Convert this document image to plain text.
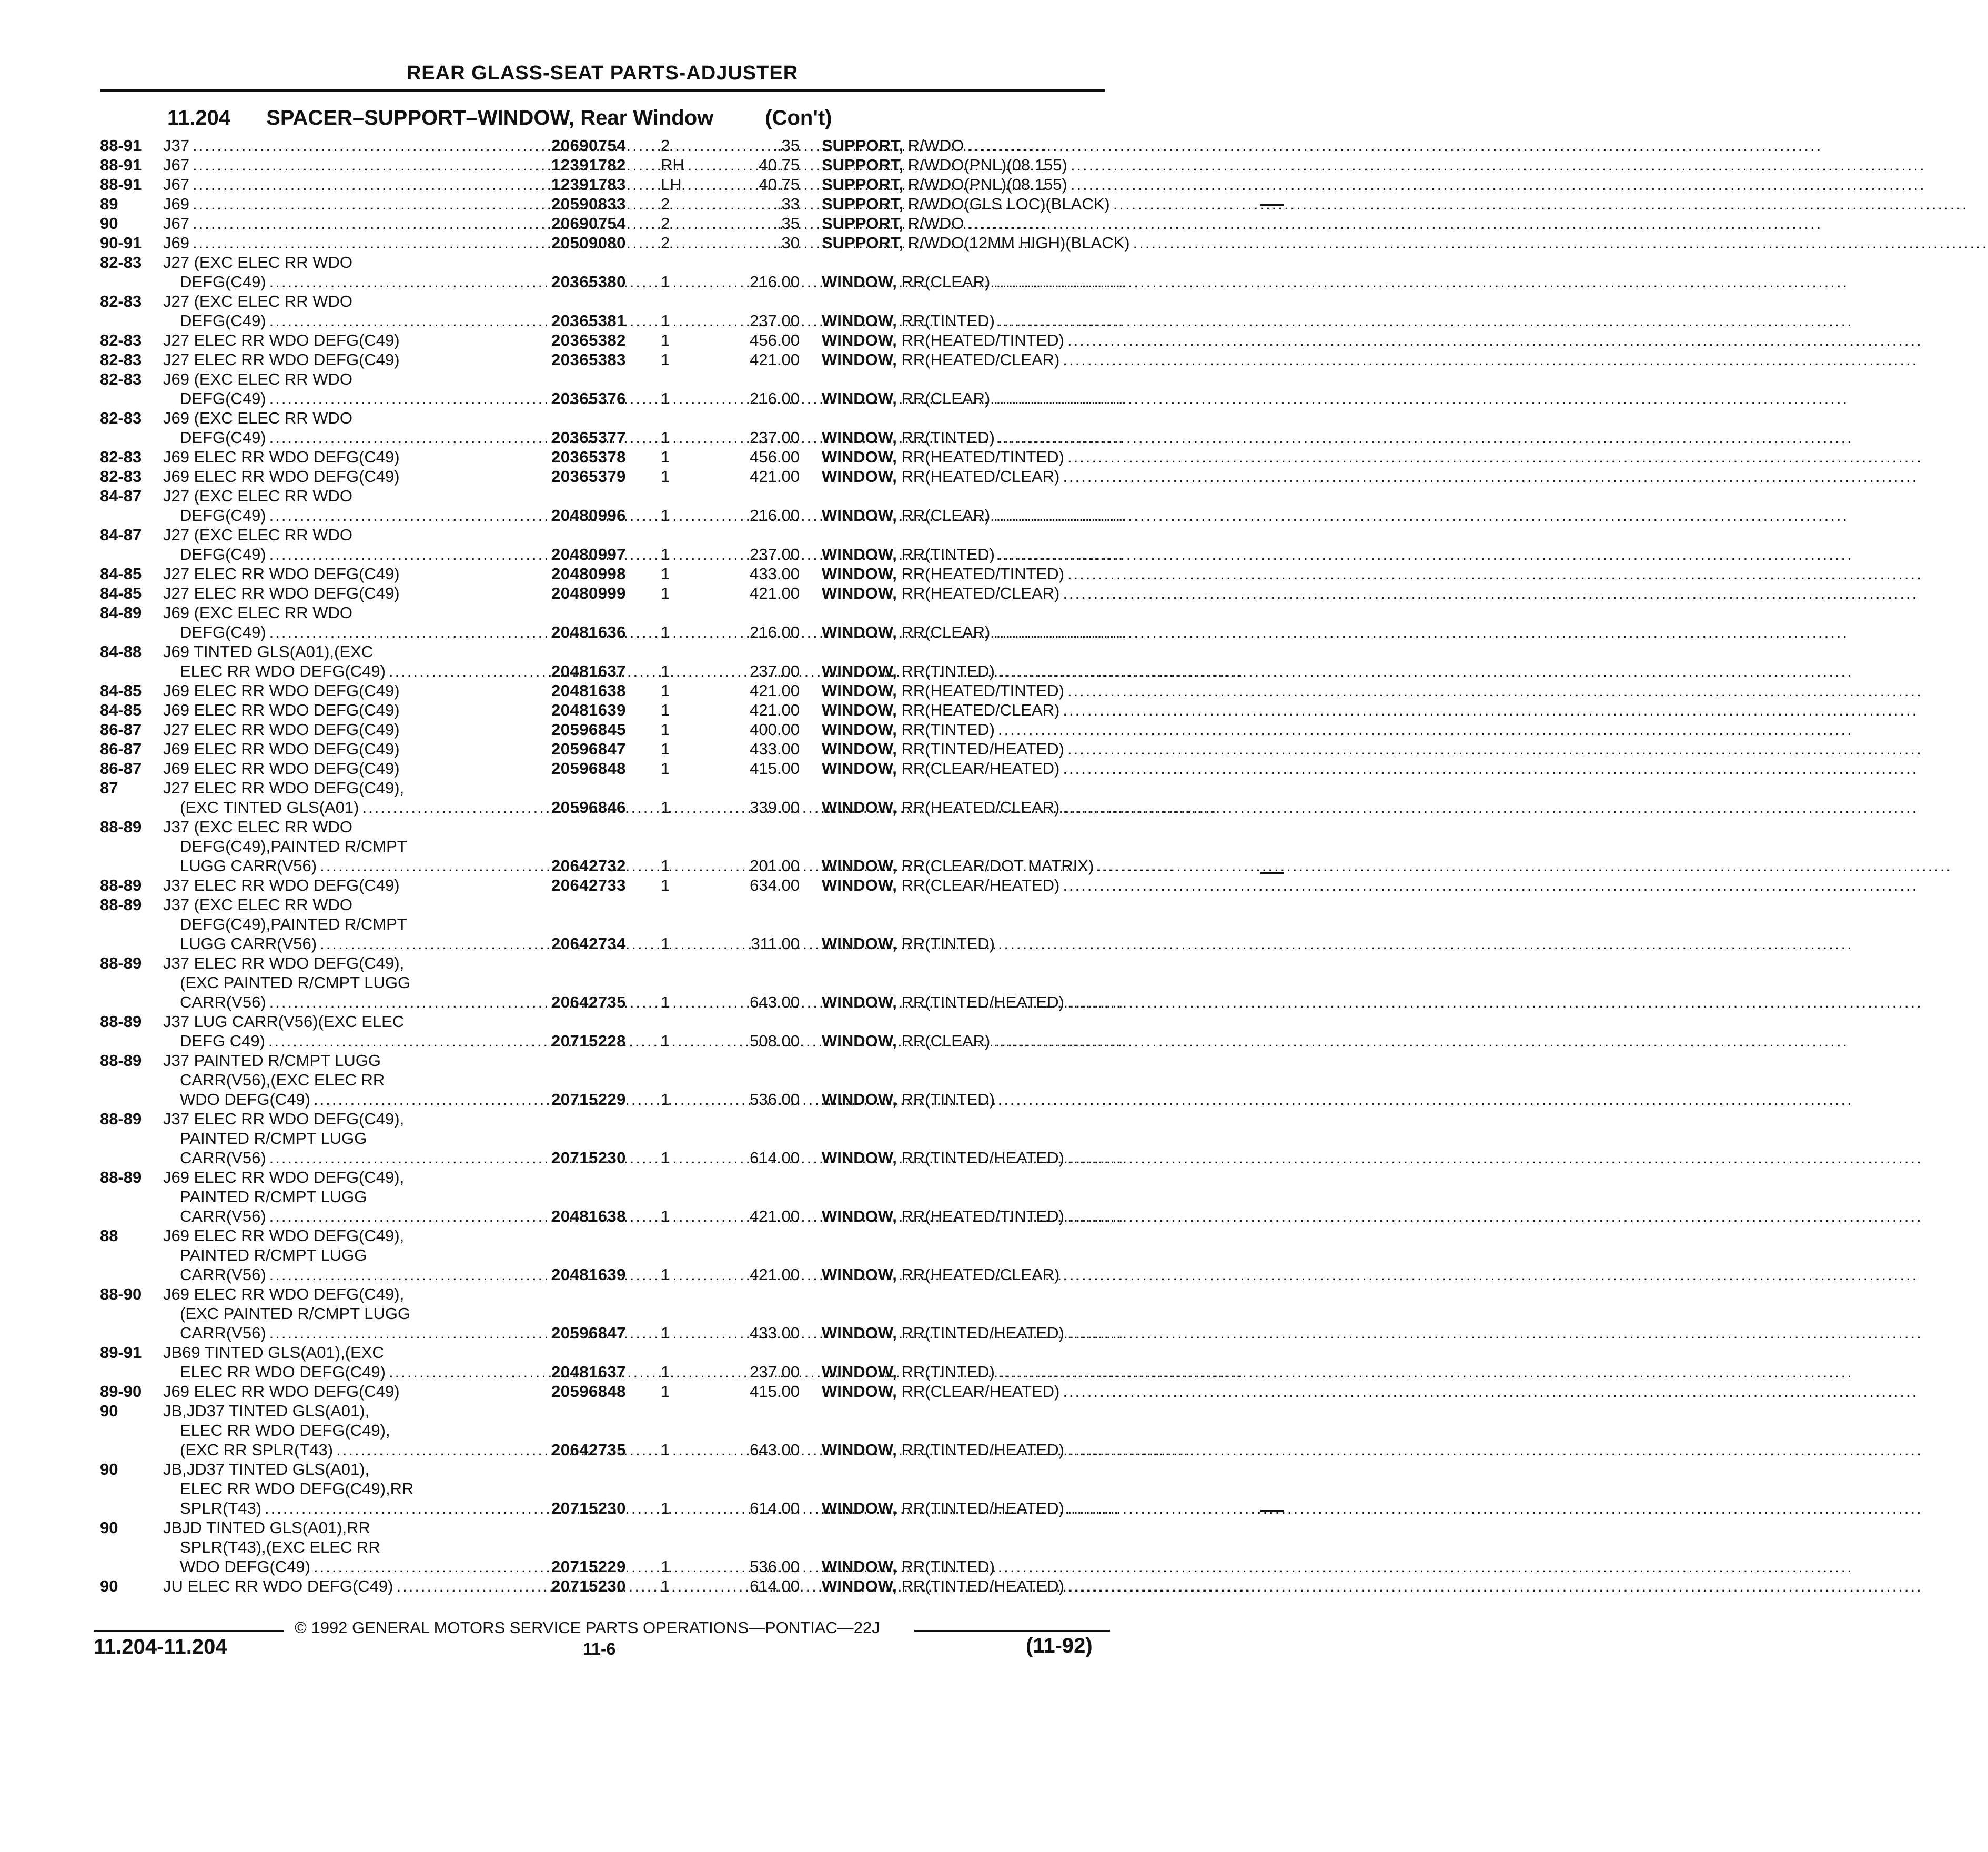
REAR GLASS-SEAT PARTS-ADJUSTER
11.204 SPACER–SUPPORT–WINDOW, Rear Window (Con't)
88-91	J37 .....	20690754	2	.35 SUPPORT, R/WDO
.....
88-91	J67 .....	12391782	RH	40.75 SUPPORT, R/WDO(PNL)(08.155)
.....
88-91	J67 .....	12391783	LH	40.75 SUPPORT, R/WDO(PNL)(08.155)
.....
89	J69 .....	20590833	2	.33 SUPPORT, R/WDO(GLS LOC)(BLACK)
.....
90	J67 .....	20690754	2	.35 SUPPORT, R/WDO
.....
90-91	J69 .....	20509080	2	.30 SUPPORT, R/WDO(12MM HIGH)(BLACK)
.....
82-83	J27 (EXC ELEC RR WDO
DEFG(C49) .....	20365380	1	216.00 WINDOW, RR(CLEAR)
.....
82-83	J27 (EXC ELEC RR WDO
DEFG(C49) .....	20365381	1	237.00 WINDOW, RR(TINTED)
.....
82-83	J27 ELEC RR WDO DEFG(C49)	20365382	1	456.00 WINDOW, RR(HEATED/TINTED)
.....
82-83	J27 ELEC RR WDO DEFG(C49)	20365383	1	421.00 WINDOW, RR(HEATED/CLEAR)
.....
82-83	J69 (EXC ELEC RR WDO
DEFG(C49) .....	20365376	1	216.00 WINDOW, RR(CLEAR)
.....
82-83	J69 (EXC ELEC RR WDO
DEFG(C49) .....	20365377	1	237.00 WINDOW, RR(TINTED)
.....
82-83	J69 ELEC RR WDO DEFG(C49)	20365378	1	456.00 WINDOW, RR(HEATED/TINTED)
.....
82-83	J69 ELEC RR WDO DEFG(C49)	20365379	1	421.00 WINDOW, RR(HEATED/CLEAR)
.....
84-87	J27 (EXC ELEC RR WDO
DEFG(C49) .....	20480996	1	216.00 WINDOW, RR(CLEAR)
.....
84-87	J27 (EXC ELEC RR WDO
DEFG(C49) .....	20480997	1	237.00 WINDOW, RR(TINTED)
.....
84-85	J27 ELEC RR WDO DEFG(C49)	20480998	1	433.00 WINDOW, RR(HEATED/TINTED)
.....
84-85	J27 ELEC RR WDO DEFG(C49)	20480999	1	421.00 WINDOW, RR(HEATED/CLEAR)
.....
84-89	J69 (EXC ELEC RR WDO
DEFG(C49) .....	20481636	1	216.00 WINDOW, RR(CLEAR)
.....
84-88	J69 TINTED GLS(A01),(EXC
ELEC RR WDO DEFG(C49) .....	20481637	1	237.00 WINDOW, RR(TINTED)
.....
84-85	J69 ELEC RR WDO DEFG(C49)	20481638	1	421.00 WINDOW, RR(HEATED/TINTED)
.....
84-85	J69 ELEC RR WDO DEFG(C49)	20481639	1	421.00 WINDOW, RR(HEATED/CLEAR)
.....
86-87	J27 ELEC RR WDO DEFG(C49)	20596845	1	400.00 WINDOW, RR(TINTED)
.....
86-87	J69 ELEC RR WDO DEFG(C49)	20596847	1	433.00 WINDOW, RR(TINTED/HEATED)
.....
86-87	J69 ELEC RR WDO DEFG(C49)	20596848	1	415.00 WINDOW, RR(CLEAR/HEATED)
.....
87	J27 ELEC RR WDO DEFG(C49),
(EXC TINTED GLS(A01) .....	20596846	1	339.00 WINDOW, RR(HEATED/CLEAR)
.....
88-89	J37 (EXC ELEC RR WDO
DEFG(C49),PAINTED R/CMPT
LUGG CARR(V56) .....	20642732	1	201.00 WINDOW, RR(CLEAR/DOT MATRIX)
.....
88-89	J37 ELEC RR WDO DEFG(C49)	20642733	1	634.00 WINDOW, RR(CLEAR/HEATED)
.....
88-89	J37 (EXC ELEC RR WDO
DEFG(C49),PAINTED R/CMPT
LUGG CARR(V56) .....	20642734	1	311.00 WINDOW, RR(TINTED)
.....
88-89	J37 ELEC RR WDO DEFG(C49),
(EXC PAINTED R/CMPT LUGG
CARR(V56) .....	20642735	1	643.00 WINDOW, RR(TINTED/HEATED)
.....
88-89	J37 LUG CARR(V56)(EXC ELEC
DEFG C49) .....	20715228	1	508.00 WINDOW, RR(CLEAR)
.....
88-89	J37 PAINTED R/CMPT LUGG
CARR(V56),(EXC ELEC RR
WDO DEFG(C49) .....	20715229	1	536.00 WINDOW, RR(TINTED)
.....
88-89	J37 ELEC RR WDO DEFG(C49),
PAINTED R/CMPT LUGG
CARR(V56) .....	20715230	1	614.00 WINDOW, RR(TINTED/HEATED)
.....
88-89	J69 ELEC RR WDO DEFG(C49),
PAINTED R/CMPT LUGG
CARR(V56) .....	20481638	1	421.00 WINDOW, RR(HEATED/TINTED)
.....
88	J69 ELEC RR WDO DEFG(C49),
PAINTED R/CMPT LUGG
CARR(V56) .....	20481639	1	421.00 WINDOW, RR(HEATED/CLEAR)
.....
88-90	J69 ELEC RR WDO DEFG(C49),
(EXC PAINTED R/CMPT LUGG
CARR(V56) .....	20596847	1	433.00 WINDOW, RR(TINTED/HEATED)
.....
89-91	JB69 TINTED GLS(A01),(EXC
ELEC RR WDO DEFG(C49) .....	20481637	1	237.00 WINDOW, RR(TINTED)
.....
89-90	J69 ELEC RR WDO DEFG(C49)	20596848	1	415.00 WINDOW, RR(CLEAR/HEATED)
.....
90	JB,JD37 TINTED GLS(A01),
ELEC RR WDO DEFG(C49),
(EXC RR SPLR(T43) .....	20642735	1	643.00 WINDOW, RR(TINTED/HEATED)
.....
90	JB,JD37 TINTED GLS(A01),
ELEC RR WDO DEFG(C49),RR
SPLR(T43) .....	20715230	1	614.00 WINDOW, RR(TINTED/HEATED)
.....
90	JBJD TINTED GLS(A01),RR
SPLR(T43),(EXC ELEC RR
WDO DEFG(C49) .....	20715229	1	536.00 WINDOW, RR(TINTED)
.....
90	JU ELEC RR WDO DEFG(C49) .....	20715230	1	614.00 WINDOW, RR(TINTED/HEATED)
.....
© 1992 GENERAL MOTORS SERVICE PARTS OPERATIONS—PONTIAC—22J
11.204-11.204	11-6	(11-92)
